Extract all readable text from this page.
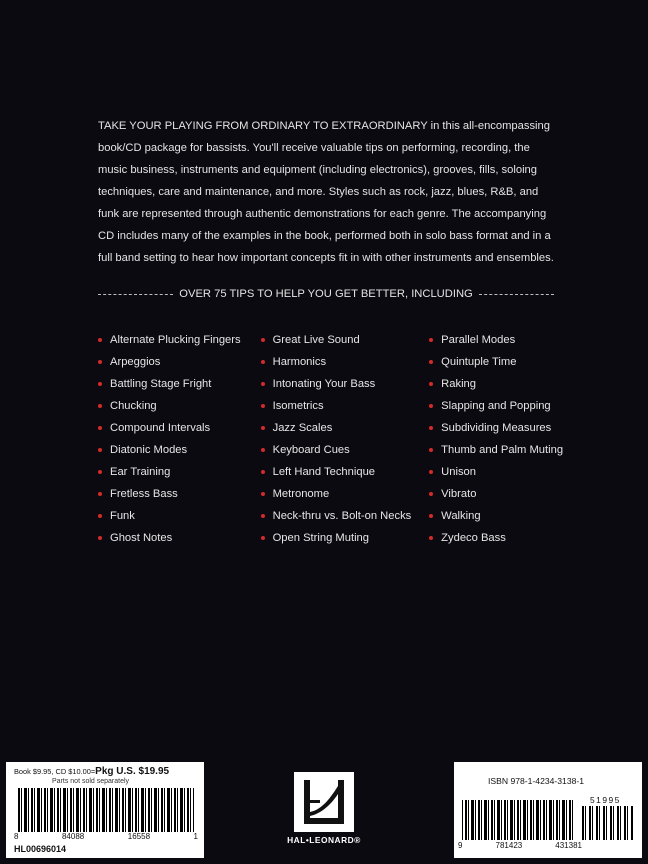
TAKE YOUR PLAYING FROM ORDINARY TO EXTRAORDINARY in this all-encompassing book/CD package for bassists. You'll receive valuable tips on performing, recording, the music business, instruments and equipment (including electronics), grooves, fills, soloing techniques, care and maintenance, and more. Styles such as rock, jazz, blues, R&B, and funk are represented through authentic demonstrations for each genre. The accompanying CD includes many of the examples in the book, performed both in solo bass format and in a full band setting to hear how important concepts fit in with other instruments and ensembles.

OVER 75 TIPS TO HELP YOU GET BETTER, INCLUDING
Alternate Plucking Fingers
Arpeggios
Battling Stage Fright
Chucking
Compound Intervals
Diatonic Modes
Ear Training
Fretless Bass
Funk
Ghost Notes
Great Live Sound
Harmonics
Intonating Your Bass
Isometrics
Jazz Scales
Keyboard Cues
Left Hand Technique
Metronome
Neck-thru vs. Bolt-on Necks
Open String Muting
Parallel Modes
Quintuple Time
Raking
Slapping and Popping
Subdividing Measures
Thumb and Palm Muting
Unison
Vibrato
Walking
Zydeco Bass
Book $9.95, CD $10.00=Pkg U.S. $19.95
Parts not sold separately
8	84088	16558	1
HL00696014
HAL•LEONARD®
ISBN 978-1-4234-3138-1
51995
9	781423	431381
